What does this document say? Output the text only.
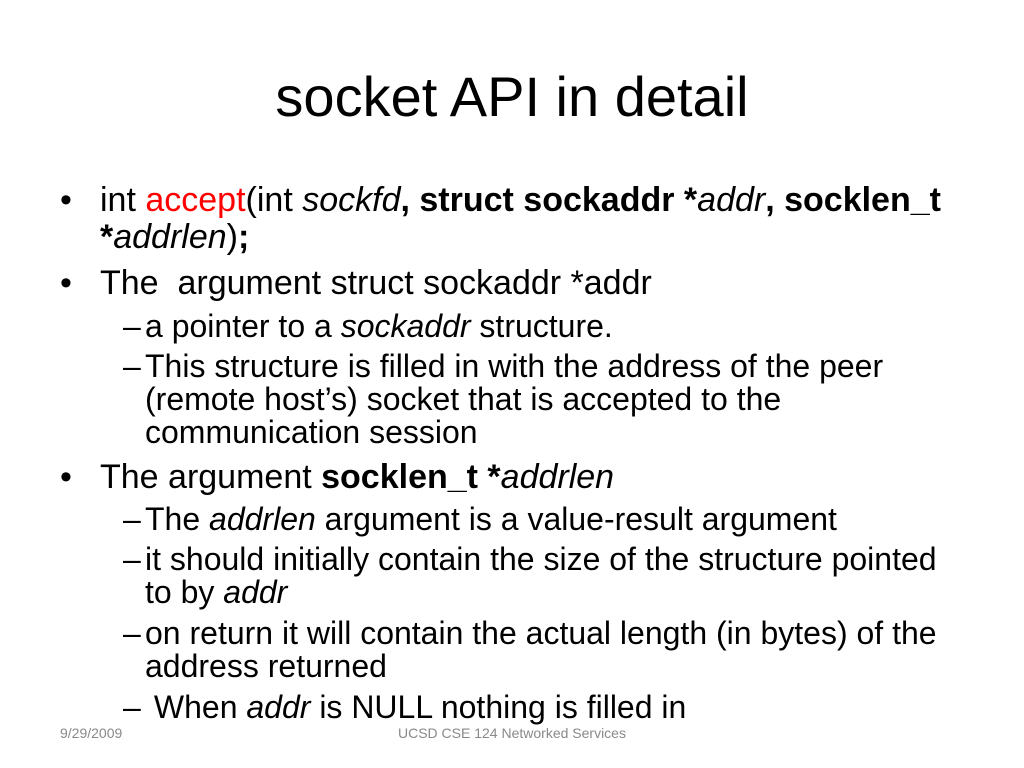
socket API in detail
• int accept(int sockfd, struct sockaddr *addr, socklen_t
*addrlen);
• The  argument struct sockaddr *addr
– a pointer to a sockaddr structure.
– This structure is filled in with the address of the peer
(remote host’s) socket that is accepted to the
communication session
• The argument socklen_t *addrlen
– The addrlen argument is a value-result argument
– it should initially contain the size of the structure pointed
to by addr
– on return it will contain the actual length (in bytes) of the
address returned
– When addr is NULL nothing is filled in
9/29/2009	UCSD CSE 124 Networked Services
